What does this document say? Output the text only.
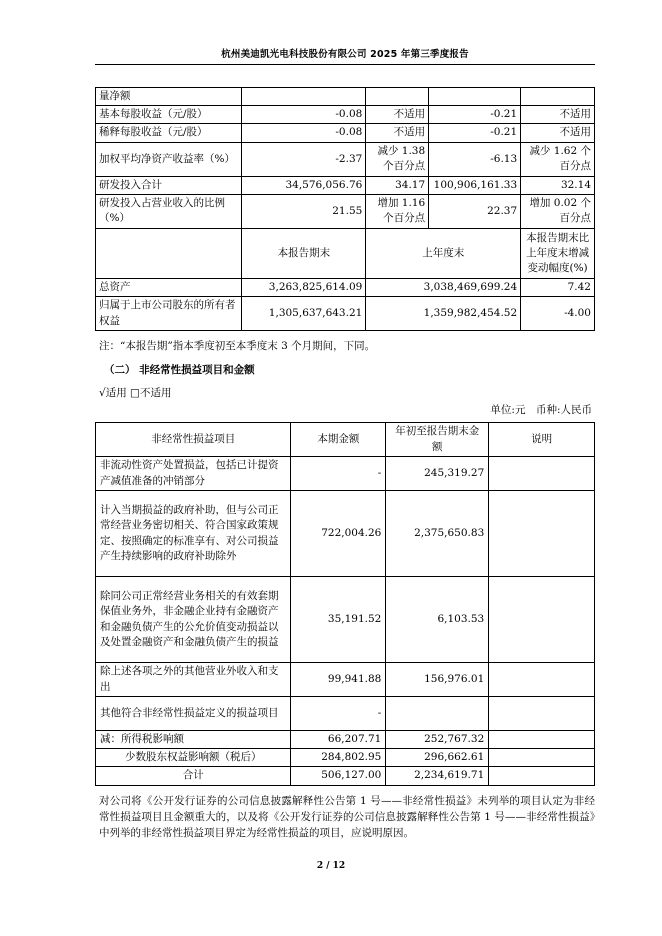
杭州美迪凯光电科技股份有限公司 2025 年第三季度报告
量净额				
基本每股收益（元/股）	-0.08	不适用	-0.21	不适用
稀释每股收益（元/股）	-0.08	不适用	-0.21	不适用
加权平均净资产收益率（%）	-2.37	减少 1.38 个百分点	-6.13	减少 1.62 个百分点
研发投入合计	34,576,056.76	34.17	100,906,161.33	32.14
研发投入占营业收入的比例（%）	21.55	增加 1.16 个百分点	22.37	增加 0.02 个百分点
	本报告期末	上年度末		本报告期末比上年度末增减变动幅度(%)
总资产	3,263,825,614.09	3,038,469,699.24		7.42
归属于上市公司股东的所有者权益	1,305,637,643.21	1,359,982,454.52		-4.00
注：“本报告期”指本季度初至本季度末 3 个月期间，下同。
（二） 非经常性损益项目和金额
√适用 □不适用
单位:元　币种:人民币
非经常性损益项目	本期金额	年初至报告期末金额	说明
非流动性资产处置损益，包括已计提资产减值准备的冲销部分	-	245,319.27	
计入当期损益的政府补助，但与公司正常经营业务密切相关、符合国家政策规定、按照确定的标准享有、对公司损益产生持续影响的政府补助除外	722,004.26	2,375,650.83	
除同公司正常经营业务相关的有效套期保值业务外，非金融企业持有金融资产和金融负债产生的公允价值变动损益以及处置金融资产和金融负债产生的损益	35,191.52	6,103.53	
除上述各项之外的其他营业外收入和支出	99,941.88	156,976.01	
其他符合非经常性损益定义的损益项目	-		
减：所得税影响额	66,207.71	252,767.32	
少数股东权益影响额（税后）	284,802.95	296,662.61	
合计	506,127.00	2,234,619.71	
对公司将《公开发行证券的公司信息披露解释性公告第 1 号——非经常性损益》未列举的项目认定为非经常性损益项目且金额重大的，以及将《公开发行证券的公司信息披露解释性公告第 1 号——非经常性损益》中列举的非经常性损益项目界定为经常性损益的项目，应说明原因。
2 / 12
